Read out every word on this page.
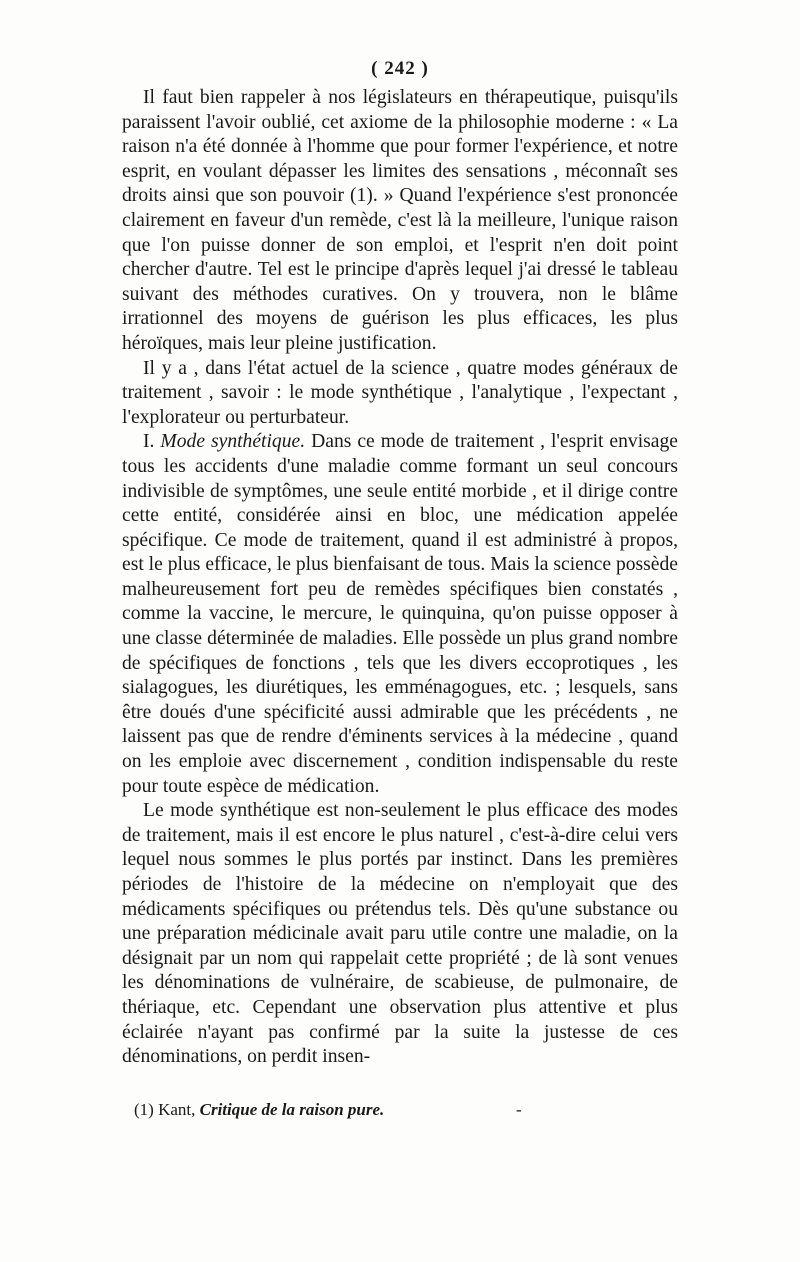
( 242 )

Il faut bien rappeler à nos législateurs en thérapeutique, puisqu'ils paraissent l'avoir oublié, cet axiome de la philosophie moderne : « La raison n'a été donnée à l'homme que pour former l'expérience, et notre esprit, en voulant dépasser les limites des sensations , méconnaît ses droits ainsi que son pouvoir (1). » Quand l'expérience s'est prononcée clairement en faveur d'un remède, c'est là la meilleure, l'unique raison que l'on puisse donner de son emploi, et l'esprit n'en doit point chercher d'autre. Tel est le principe d'après lequel j'ai dressé le tableau suivant des méthodes curatives. On y trouvera, non le blâme irrationnel des moyens de guérison les plus efficaces, les plus héroïques, mais leur pleine justification.

Il y a , dans l'état actuel de la science , quatre modes généraux de traitement , savoir : le mode synthétique , l'analytique , l'expectant , l'explorateur ou perturbateur.

I. Mode synthétique. Dans ce mode de traitement , l'esprit envisage tous les accidents d'une maladie comme formant un seul concours indivisible de symptômes, une seule entité morbide , et il dirige contre cette entité, considérée ainsi en bloc, une médication appelée spécifique. Ce mode de traitement, quand il est administré à propos, est le plus efficace, le plus bienfaisant de tous. Mais la science possède malheureusement fort peu de remèdes spécifiques bien constatés , comme la vaccine, le mercure, le quinquina, qu'on puisse opposer à une classe déterminée de maladies. Elle possède un plus grand nombre de spécifiques de fonctions , tels que les divers eccoprotiques , les sialagogues, les diurétiques, les emménagogues, etc. ; lesquels, sans être doués d'une spécificité aussi admirable que les précédents , ne laissent pas que de rendre d'éminents services à la médecine , quand on les emploie avec discernement , condition indispensable du reste pour toute espèce de médication.

Le mode synthétique est non-seulement le plus efficace des modes de traitement, mais il est encore le plus naturel , c'est-à-dire celui vers lequel nous sommes le plus portés par instinct. Dans les premières périodes de l'histoire de la médecine on n'employait que des médicaments spécifiques ou prétendus tels. Dès qu'une substance ou une préparation médicinale avait paru utile contre une maladie, on la désignait par un nom qui rappelait cette propriété ; de là sont venues les dénominations de vulnéraire, de scabieuse, de pulmonaire, de thériaque, etc. Cependant une observation plus attentive et plus éclairée n'ayant pas confirmé par la suite la justesse de ces dénominations, on perdit insen-

(1) Kant, Critique de la raison pure.	-
